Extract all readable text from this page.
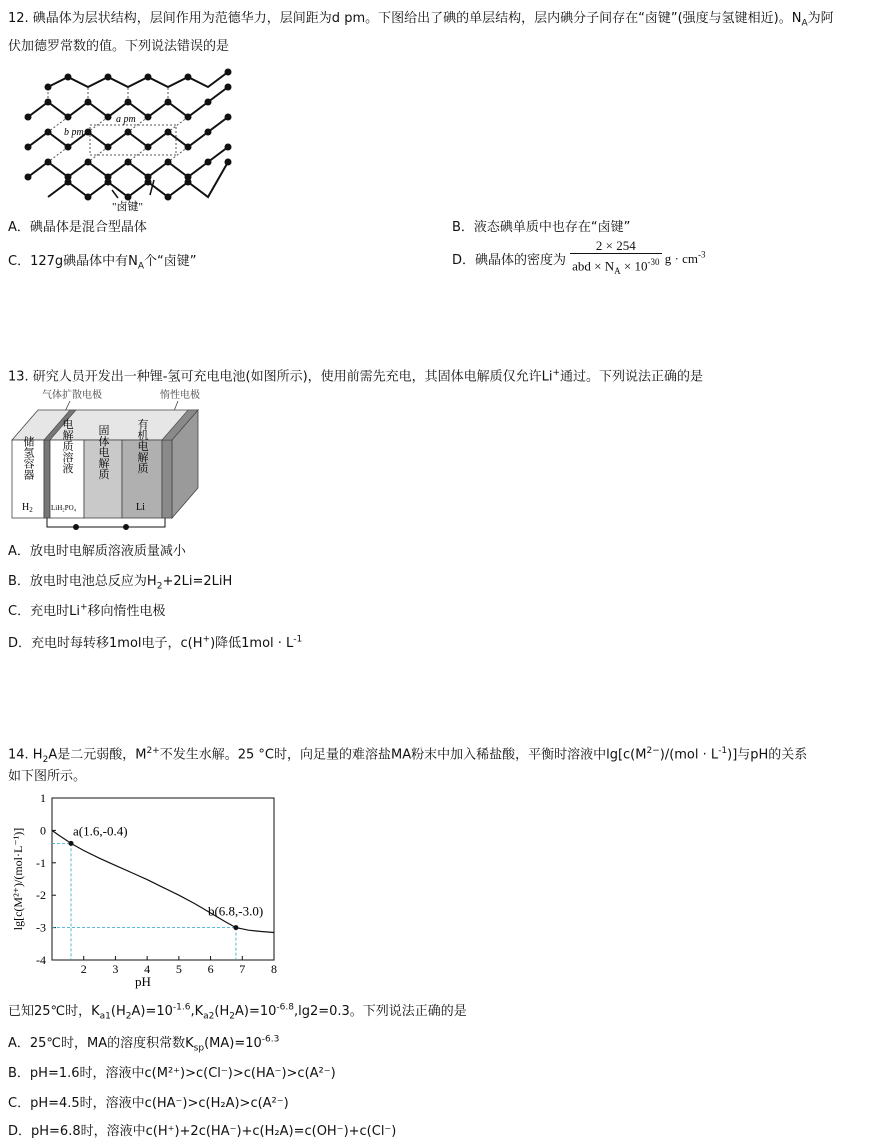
12. 碘晶体为层状结构，层间作用为范德华力，层间距为d pm。下图给出了碘的单层结构，层内碘分子间存在“卤键”(强度与氢键相近)。$N_A$为阿
伏加德罗常数的值。下列说法错误的是
a pm
b pm
"卤键"
A．碘晶体是混合型晶体	B．液态碘单质中也存在“卤键”
C．127g碘晶体中有$N_A$个“卤键”	D．碘晶体的密度为 $\frac{2 \times 254}{abd \times N_A \times 10^{-30}}$ $g \cdot cm^{-3}$
13. 研究人员开发出一种锂-氢可充电电池(如图所示)，使用前需先充电，其固体电解质仅允许Li+通过。下列说法正确的是
气体扩散电极	惰性电极
储氢容器
$H_2$
电解质溶液
LiH₂PO₄
固体电解质 有机电解质
Li
A．放电时电解质溶液质量减小
B．放电时电池总反应为$H_2+2Li=2LiH$
C．充电时Li+移向惰性电极
D．充电时每转移1mol电子，c(H+)降低$1mol \cdot L^{-1}$
14. $H_2A$是二元弱酸，$M^{2+}$不发生水解。25 °C时，向足量的难溶盐MA粉末中加入稀盐酸，平衡时溶液中$\lg[c(M^{2-})/(mol \cdot L^{-1})]$与pH的关系
如下图所示。
2 3 4 5 6 7 8
1
0
-1
-2
-3
-4
pH
lg[c(M²⁺)/(mol·L⁻¹)]	a(1.6,-0.4)
b(6.8,-3.0)
已知25℃时，$K_{a1}(H_2A)=10^{-1.6},K_{a2}(H_2A)=10^{-6.8},\lg 2=0.3$。下列说法正确的是
A．25℃时，MA的溶度积常数$K_{sp}(MA)=10^{-6.3}$
B．pH=1.6时，溶液中c(M²⁺)>c(Cl⁻)>c(HA⁻)>c(A²⁻)
C．pH=4.5时，溶液中c(HA⁻)>c(H₂A)>c(A²⁻)
D．pH=6.8时，溶液中c(H⁺)+2c(HA⁻)+c(H₂A)=c(OH⁻)+c(Cl⁻)
